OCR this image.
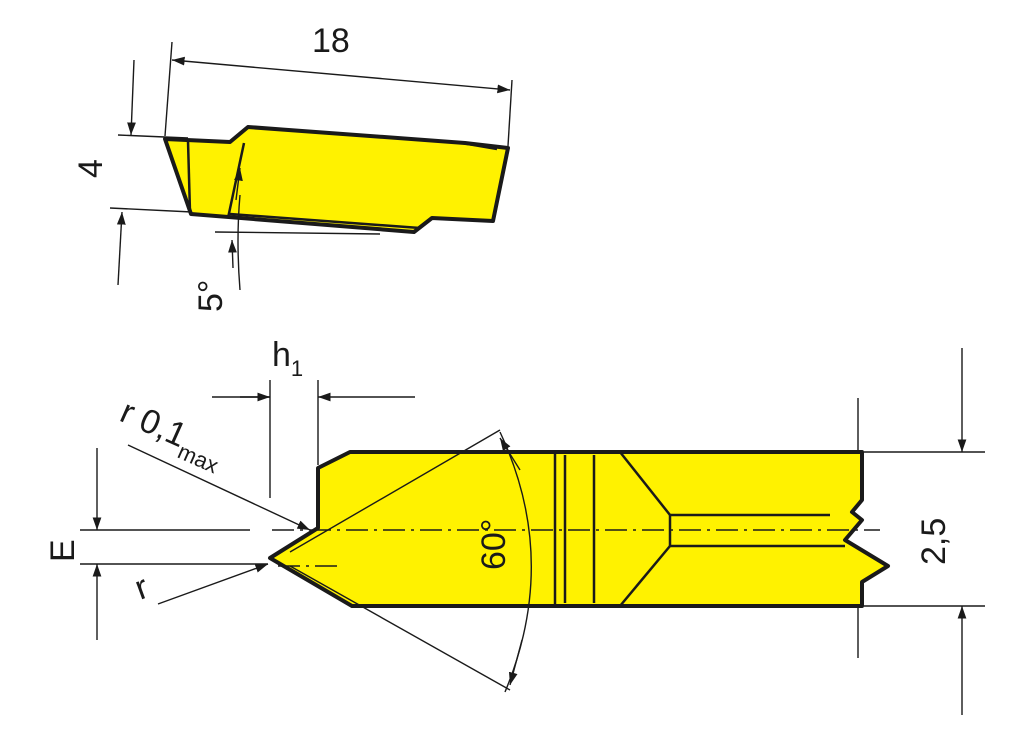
18
4
5°
60°
$h_1$
r $0,1_{max}$
r
E	2,5
